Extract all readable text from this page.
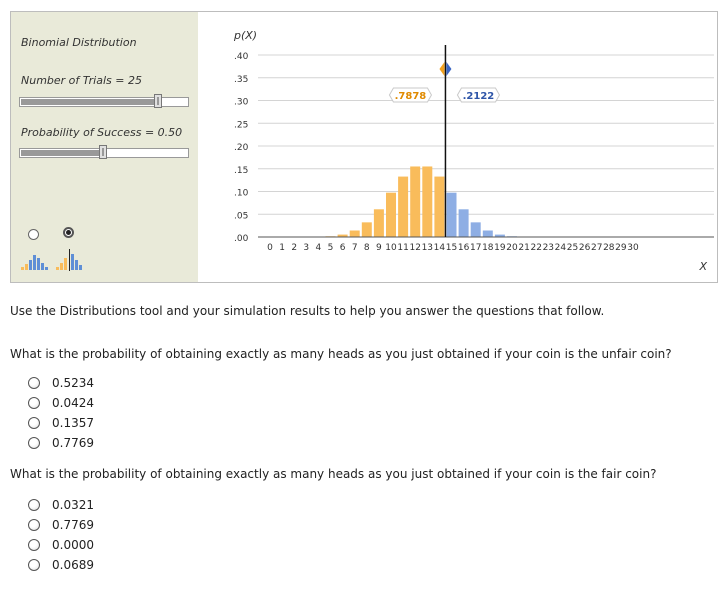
Binomial Distribution
Number of Trials = 25
Probability of Success = 0.50
p(X)
.40
.35
.30
.25
.20
.15
.10
.05
.00
0 1 2 3 4 5 6 7 8 9 10 11 12 13 14 15 16 17 18 19 20 21 22 23 24 25 26 27 28 29 30
X
.7878	.2122
Use the Distributions tool and your simulation results to help you answer the questions that follow.
What is the probability of obtaining exactly as many heads as you just obtained if your coin is the unfair coin?
0.5234
0.0424
0.1357
0.7769
What is the probability of obtaining exactly as many heads as you just obtained if your coin is the fair coin?
0.0321
0.7769
0.0000
0.0689
